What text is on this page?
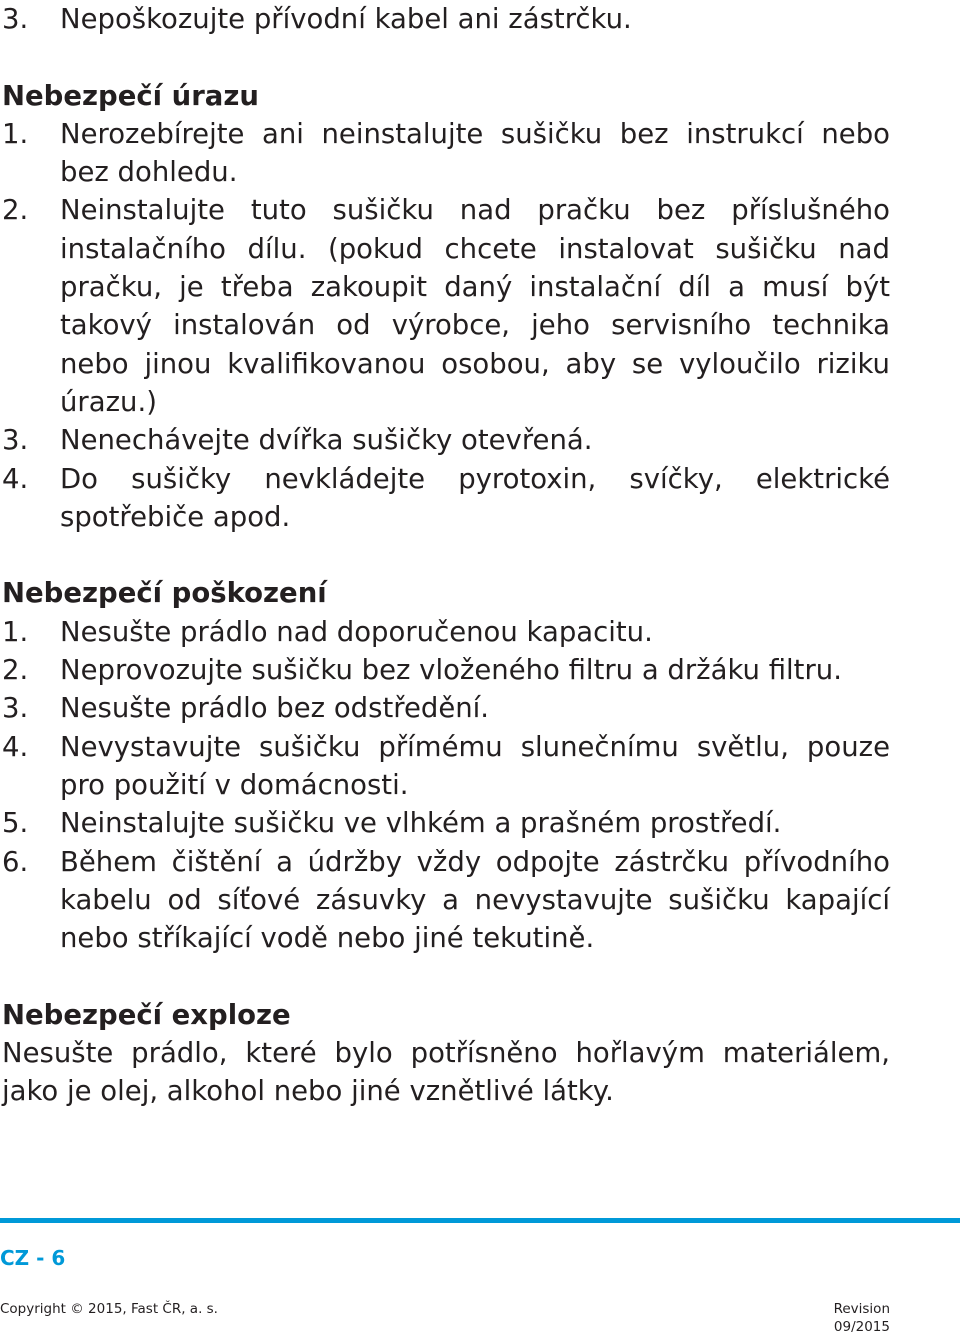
3.	Nepoškozujte přívodní kabel ani zástrčku.

Nebezpečí úrazu

1.	Nerozebírejte ani neinstalujte sušičku bez instrukcí nebo bez dohledu.
2.	Neinstalujte tuto sušičku nad pračku bez příslušného instalačního dílu. (pokud chcete instalovat sušičku nad pračku, je třeba zakoupit daný instalační díl a musí být takový instalován od výrobce, jeho servisního technika nebo jinou kvalifikovanou osobou, aby se vyloučilo riziku úrazu.)
3.	Nenechávejte dvířka sušičky otevřená.
4.	Do sušičky nevkládejte pyrotoxin, svíčky, elektrické spotřebiče apod.

Nebezpečí poškození

1.	Nesušte prádlo nad doporučenou kapacitu.
2.	Neprovozujte sušičku bez vloženého filtru a držáku filtru.
3.	Nesušte prádlo bez odstředění.
4.	Nevystavujte sušičku přímému slunečnímu světlu, pouze pro použití v domácnosti.
5.	Neinstalujte sušičku ve vlhkém a prašném prostředí.
6.	Během čištění a údržby vždy odpojte zástrčku přívodního kabelu od síťové zásuvky a nevystavujte sušičku kapající nebo stříkající vodě nebo jiné tekutině.

Nebezpečí exploze

Nesušte prádlo, které bylo potřísněno hořlavým materiálem, jako je olej, alkohol nebo jiné vznětlivé látky.

CZ - 6
Copyright © 2015, Fast ČR, a. s.	Revision 09/2015
